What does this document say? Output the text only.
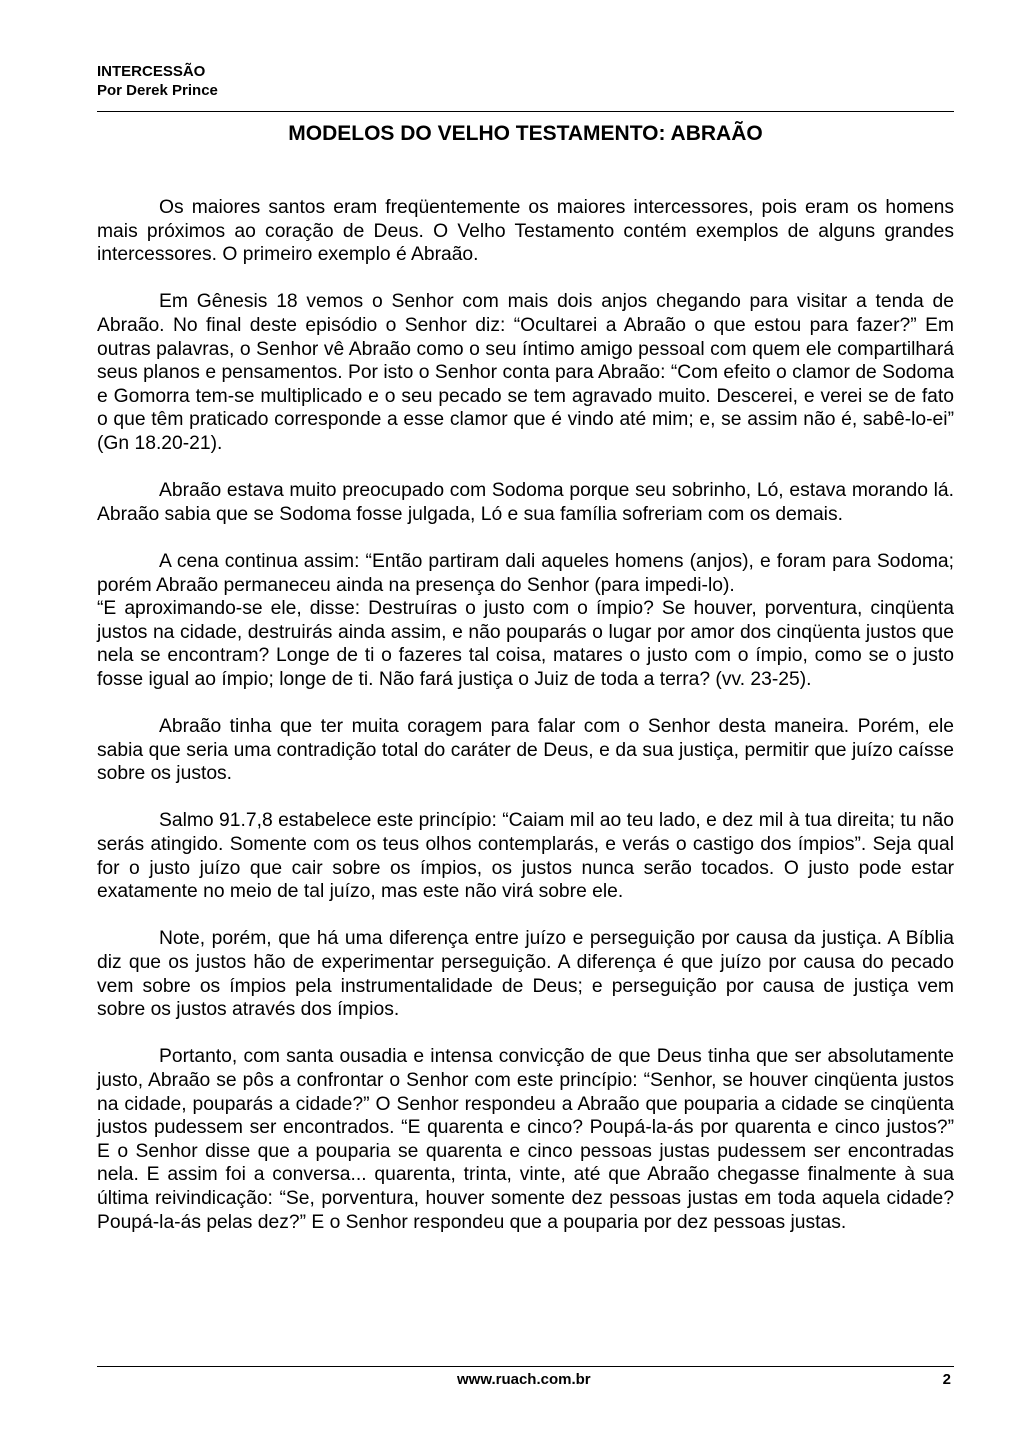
INTERCESSÃO
Por Derek Prince
MODELOS DO VELHO TESTAMENTO: ABRAÃO

Os maiores santos eram freqüentemente os maiores intercessores, pois eram os homens mais próximos ao coração de Deus. O Velho Testamento contém exemplos de alguns grandes intercessores. O primeiro exemplo é Abraão.

Em Gênesis 18 vemos o Senhor com mais dois anjos chegando para visitar a tenda de Abraão. No final deste episódio o Senhor diz: “Ocultarei a Abraão o que estou para fazer?” Em outras palavras, o Senhor vê Abraão como o seu íntimo amigo pessoal com quem ele compartilhará seus planos e pensamentos. Por isto o Senhor conta para Abraão: “Com efeito o clamor de Sodoma e Gomorra tem-se multiplicado e o seu pecado se tem agravado muito. Descerei, e verei se de fato o que têm praticado corresponde a esse clamor que é vindo até mim; e, se assim não é, sabê-lo-ei” (Gn 18.20-21).

Abraão estava muito preocupado com Sodoma porque seu sobrinho, Ló, estava morando lá. Abraão sabia que se Sodoma fosse julgada, Ló e sua família sofreriam com os demais.

A cena continua assim: “Então partiram dali aqueles homens (anjos), e foram para Sodoma; porém Abraão permaneceu ainda na presença do Senhor (para impedi-lo).

“E aproximando-se ele, disse: Destruíras o justo com o ímpio? Se houver, porventura, cinqüenta justos na cidade, destruirás ainda assim, e não pouparás o lugar por amor dos cinqüenta justos que nela se encontram? Longe de ti o fazeres tal coisa, matares o justo com o ímpio, como se o justo fosse igual ao ímpio; longe de ti. Não fará justiça o Juiz de toda a terra? (vv. 23-25).

Abraão tinha que ter muita coragem para falar com o Senhor desta maneira. Porém, ele sabia que seria uma contradição total do caráter de Deus, e da sua justiça, permitir que juízo caísse sobre os justos.

Salmo 91.7,8 estabelece este princípio: “Caiam mil ao teu lado, e dez mil à tua direita; tu não serás atingido. Somente com os teus olhos contemplarás, e verás o castigo dos ímpios”. Seja qual for o justo juízo que cair sobre os ímpios, os justos nunca serão tocados. O justo pode estar exatamente no meio de tal juízo, mas este não virá sobre ele.

Note, porém, que há uma diferença entre juízo e perseguição por causa da justiça. A Bíblia diz que os justos hão de experimentar perseguição. A diferença é que juízo por causa do pecado vem sobre os ímpios pela instrumentalidade de Deus; e perseguição por causa de justiça vem sobre os justos através dos ímpios.

Portanto, com santa ousadia e intensa convicção de que Deus tinha que ser absolutamente justo, Abraão se pôs a confrontar o Senhor com este princípio: “Senhor, se houver cinqüenta justos na cidade, pouparás a cidade?” O Senhor respondeu a Abraão que pouparia a cidade se cinqüenta justos pudessem ser encontrados. “E quarenta e cinco? Poupá-la-ás por quarenta e cinco justos?” E o Senhor disse que a pouparia se quarenta e cinco pessoas justas pudessem ser encontradas nela. E assim foi a conversa... quarenta, trinta, vinte, até que Abraão chegasse finalmente à sua última reivindicação: “Se, porventura, houver somente dez pessoas justas em toda aquela cidade? Poupá-la-ás pelas dez?” E o Senhor respondeu que a pouparia por dez pessoas justas.

www.ruach.com.br	2
